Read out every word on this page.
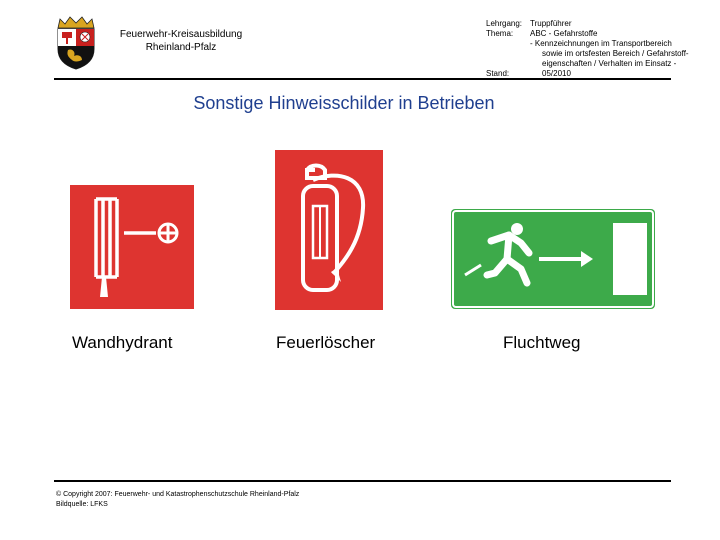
Feuerwehr-Kreisausbildung
Rheinland-Pfalz
Lehrgang: Truppführer
Thema:	ABC - Gefahrstoffe
- Kennzeichnungen im Transportbereich
sowie im ortsfesten Bereich / Gefahrstoff-
eigenschaften / Verhalten im Einsatz -
Stand:	05/2010
Sonstige Hinweisschilder in Betrieben
Wandhydrant	Feuerlöscher	Fluchtweg
© Copyright 2007: Feuerwehr- und Katastrophenschutzschule Rheinland-Pfalz
Bildquelle: LFKS
